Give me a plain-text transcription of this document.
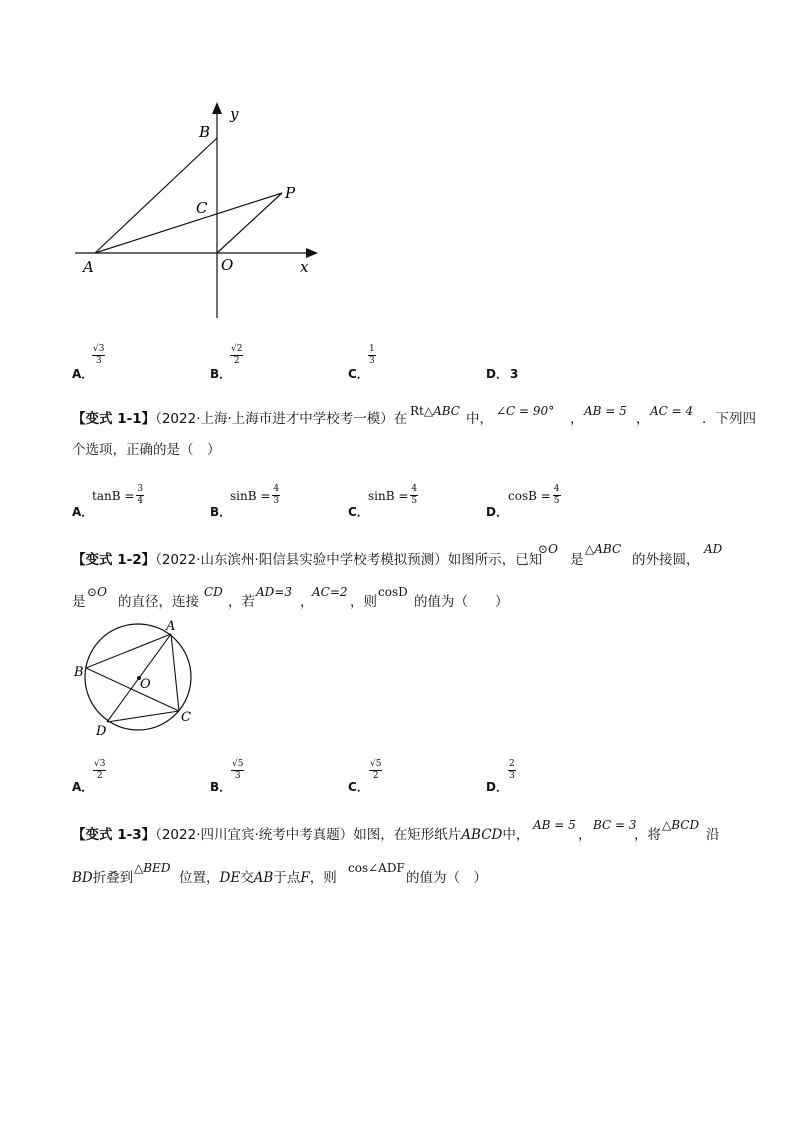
B
y
C
P
A	O	x
A．
√3
3
B．
√2
2
C．
1
3
D． 3
【变式 1-1】（2022·上海·上海市进才中学校考一模）在 Rt△ ABC 中， ∠C = 90° ， AB = 5 ， AC = 4 ．下列四
个选项，正确的是（　）
A．
$\tan B = \frac{3}{4}$
B．
$\sin B = \frac{4}{3}$
C．
$\sin B = \frac{4}{5}$
D．
$\cos B = \frac{4}{5}$
【变式 1-2】（2022·山东滨州·阳信县实验中学校考模拟预测）如图所示，已知
⊙ O
是
△ ABC
的外接圆，
AD
是
⊙ O
的直径，连接
CD
，若
AD=3
，
AC=2
，则
cosD
的值为（　　）
A
B
O
C
D
A．
√3
2
B．
√5
3
C．
√5
2
D．
2
3
【变式 1-3】（2022·四川宜宾·统考中考真题）如图，在矩形纸片ABCD中，
AB = 5
，
BC = 3
，将
△ BCD
沿
BD折叠到
△ BED
位置，DE交AB于点F，则
cos∠ADF
的值为（　）
